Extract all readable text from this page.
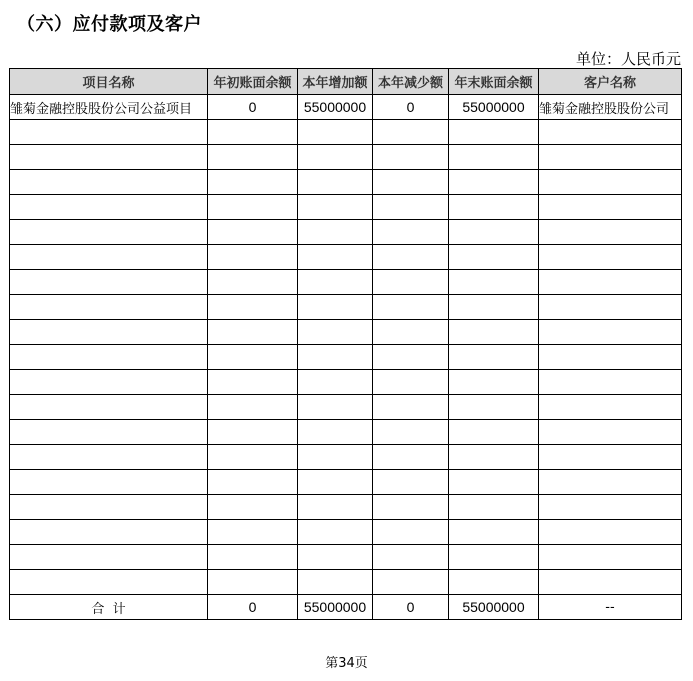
（六）应付款项及客户
单位：人民币元
项目名称	年初账面余额	本年增加额	本年减少额	年末账面余额	客户名称
雏菊金融控股股份公司公益项目	0	55000000	0	55000000	雏菊金融控股股份公司

合  计	0	55000000	0	55000000	--
第34页
